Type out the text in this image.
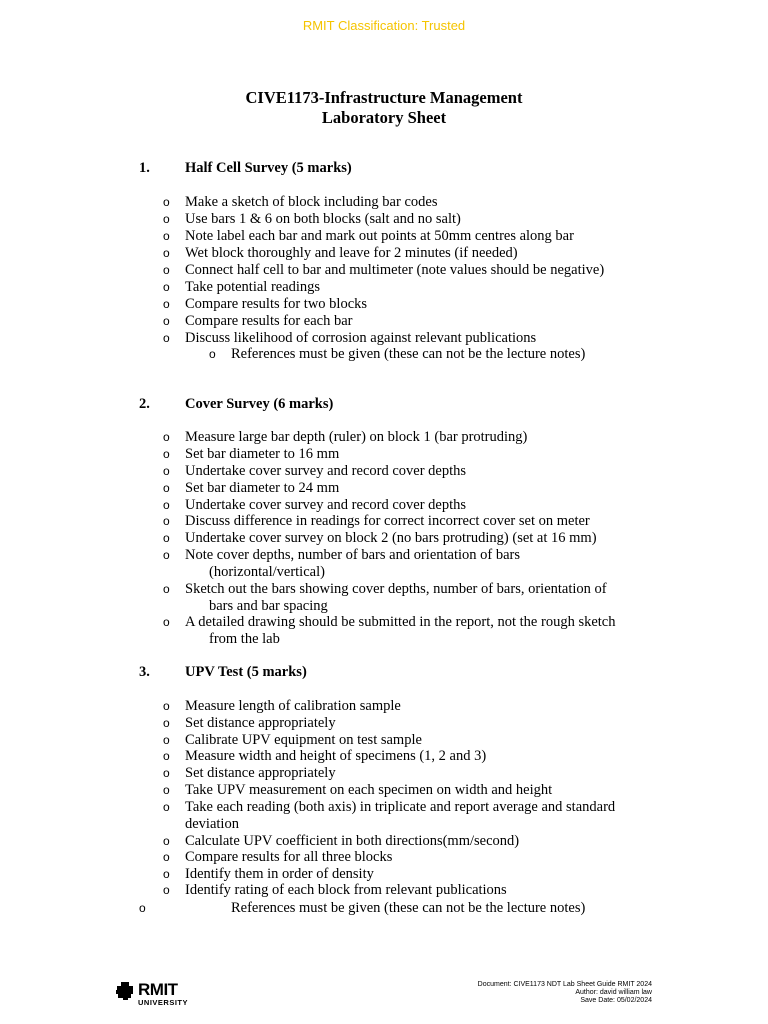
RMIT Classification: Trusted
CIVE1173-Infrastructure Management
Laboratory Sheet
1. Half Cell Survey (5 marks)
o Make a sketch of block including bar codes
o Use bars 1 & 6 on both blocks (salt and no salt)
o Note label each bar and mark out points at 50mm centres along bar
o Wet block thoroughly and leave for 2 minutes (if needed)
o Connect half cell to bar and multimeter (note values should be negative)
o Take potential readings
o Compare results for two blocks
o Compare results for each bar
o Discuss likelihood of corrosion against relevant publications
o References must be given (these can not be the lecture notes)
2. Cover Survey (6 marks)
o Measure large bar depth (ruler) on block 1 (bar protruding)
o Set bar diameter to 16 mm
o Undertake cover survey and record cover depths
o Set bar diameter to 24 mm
o Undertake cover survey and record cover depths
o Discuss difference in readings for correct incorrect cover set on meter
o Undertake cover survey on block 2 (no bars protruding) (set at 16 mm)
o Note cover depths, number of bars and orientation of bars
(horizontal/vertical)
o Sketch out the bars showing cover depths, number of bars, orientation of
bars and bar spacing
o A detailed drawing should be submitted in the report, not the rough sketch
from the lab
3. UPV Test (5 marks)
o Measure length of calibration sample
o Set distance appropriately
o Calibrate UPV equipment on test sample
o Measure width and height of specimens (1, 2 and 3)
o Set distance appropriately
o Take UPV measurement on each specimen on width and height
o Take each reading (both axis) in triplicate and report average and standard
deviation
o Calculate UPV coefficient in both directions(mm/second)
o Compare results for all three blocks
o Identify them in order of density
o Identify rating of each block from relevant publications
o	References must be given (these can not be the lecture notes)
RMIT
UNIVERSITY
Document: CIVE1173 NDT Lab Sheet Guide RMIT 2024
Author: david william law
Save Date: 05/02/2024
